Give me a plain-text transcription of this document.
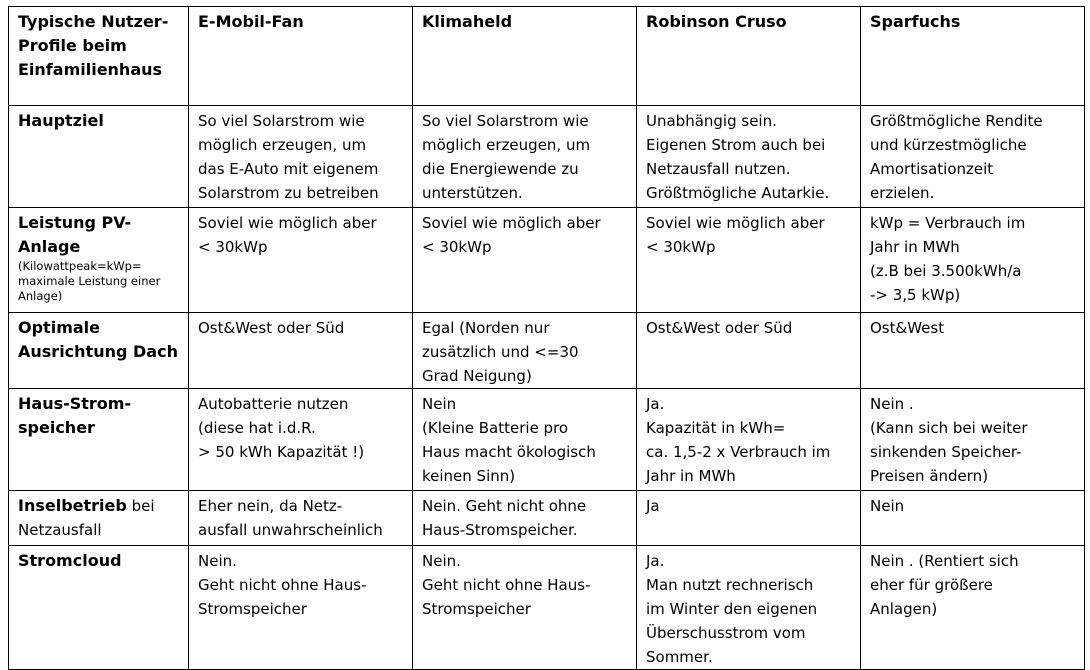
Typische Nutzer-
Profile beim
Einfamilienhaus	E-Mobil-Fan	Klimaheld	Robinson Cruso	Sparfuchs
Hauptziel	So viel Solarstrom wie
möglich erzeugen, um
das E-Auto mit eigenem
Solarstrom zu betreiben	So viel Solarstrom wie
möglich erzeugen, um
die Energiewende zu
unterstützen.	Unabhängig sein.
Eigenen Strom auch bei
Netzausfall nutzen.
Größtmögliche Autarkie.	Größtmögliche Rendite
und kürzestmögliche
Amortisationzeit
erzielen.

Leistung PV-
Anlage
(Kilowattpeak=kWp=
maximale Leistung einer
Anlage)	Soviel wie möglich aber
< 30kWp	Soviel wie möglich aber
< 30kWp	Soviel wie möglich aber
< 30kWp	kWp = Verbrauch im
Jahr in MWh
(z.B bei 3.500kWh/a
-> 3,5 kWp)
Optimale
Ausrichtung Dach	Ost&West oder Süd	Egal (Norden nur
zusätzlich und <=30
Grad Neigung)	Ost&West oder Süd	Ost&West
Haus-Strom-
speicher	Autobatterie nutzen
(diese hat i.d.R.
> 50 kWh Kapazität !)	Nein
(Kleine Batterie pro
Haus macht ökologisch
keinen Sinn)	Ja.
Kapazität in kWh=
ca. 1,5-2 x Verbrauch im
Jahr in MWh	Nein .
(Kann sich bei weiter
sinkenden Speicher-
Preisen ändern)
Inselbetrieb bei
Netzausfall	Eher nein, da Netz-
ausfall unwahrscheinlich	Nein. Geht nicht ohne
Haus-Stromspeicher.	Ja	Nein
Stromcloud	Nein.
Geht nicht ohne Haus-
Stromspeicher	Nein.
Geht nicht ohne Haus-
Stromspeicher	Ja.
Man nutzt rechnerisch
im Winter den eigenen
Überschusstrom vom
Sommer.	Nein . (Rentiert sich
eher für größere
Anlagen)
